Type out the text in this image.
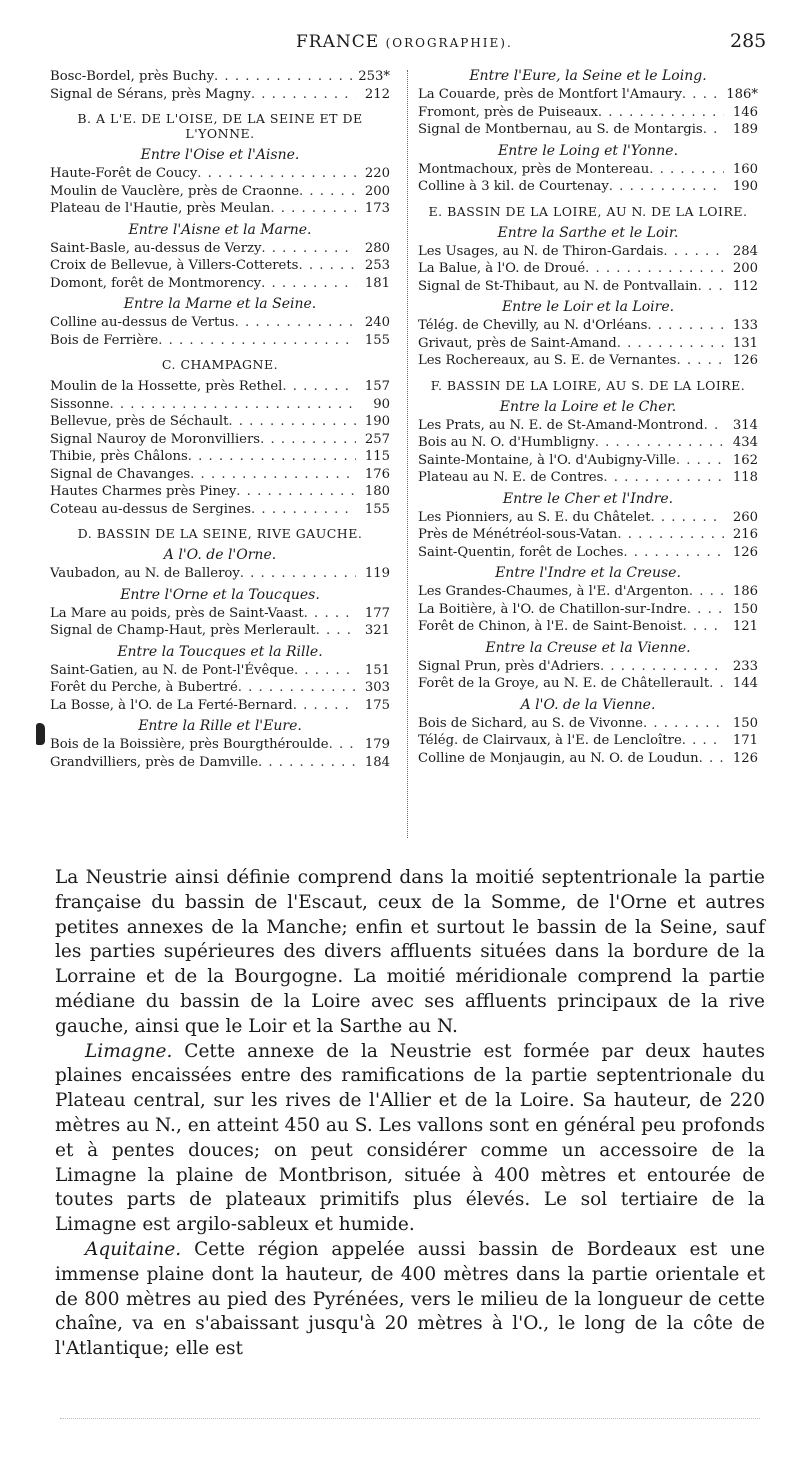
FRANCE (OROGRAPHIE).	285
Bosc-Bordel, près Buchy . . .	253*
Signal de Sérans, près Magny . . .	212
B. A L'E. DE L'OISE, DE LA SEINE ET DE L'YONNE.
Entre l'Oise et l'Aisne.
Haute-Forêt de Coucy . . .	220
Moulin de Vauclère, près de Craonne . . .	200
Plateau de l'Hautie, près Meulan . . .	173
Entre l'Aisne et la Marne.
Saint-Basle, au-dessus de Verzy . . .	280
Croix de Bellevue, à Villers-Cotterets . . .	253
Domont, forêt de Montmorency . . .	181
Entre la Marne et la Seine.
Colline au-dessus de Vertus . . .	240
Bois de Ferrière . . .	155
C. CHAMPAGNE.
Moulin de la Hossette, près Rethel . . .	157
Sissonne . . .	90
Bellevue, près de Séchault . . .	190
Signal Nauroy de Moronvilliers . . .	257
Thibie, près Châlons . . .	115
Signal de Chavanges . . .	176
Hautes Charmes près Piney . . .	180
Coteau au-dessus de Sergines . . .	155
D. BASSIN DE LA SEINE, RIVE GAUCHE.
A l'O. de l'Orne.
Vaubadon, au N. de Balleroy . . .	119
Entre l'Orne et la Toucques.
La Mare au poids, près de Saint-Vaast . . .	177
Signal de Champ-Haut, près Merlerault . . .	321
Entre la Toucques et la Rille.
Saint-Gatien, au N. de Pont-l'Évêque . . .	151
Forêt du Perche, à Bubertré . . .	303
La Bosse, à l'O. de La Ferté-Bernard . . .	175
Entre la Rille et l'Eure.
Bois de la Boissière, près Bourgthéroulde . . .	179
Grandvilliers, près de Damville . . .	184
Entre l'Eure, la Seine et le Loing.
La Couarde, près de Montfort l'Amaury . . .	186*
Fromont, près de Puiseaux . . .	146
Signal de Montbernau, au S. de Montargis . . .	189
Entre le Loing et l'Yonne.
Montmachoux, près de Montereau . . .	160
Colline à 3 kil. de Courtenay . . .	190
E. BASSIN DE LA LOIRE, AU N. DE LA LOIRE.
Entre la Sarthe et le Loir.
Les Usages, au N. de Thiron-Gardais . . .	284
La Balue, à l'O. de Droué . . .	200
Signal de St-Thibaut, au N. de Pontvallain . . .	112
Entre le Loir et la Loire.
Télég. de Chevilly, au N. d'Orléans . . .	133
Grivaut, près de Saint-Amand . . .	131
Les Rochereaux, au S. E. de Vernantes . . .	126
F. BASSIN DE LA LOIRE, AU S. DE LA LOIRE.
Entre la Loire et le Cher.
Les Prats, au N. E. de St-Amand-Montrond . . .	314
Bois au N. O. d'Humbligny . . .	434
Sainte-Montaine, à l'O. d'Aubigny-Ville . . .	162
Plateau au N. E. de Contres . . .	118
Entre le Cher et l'Indre.
Les Pionniers, au S. E. du Châtelet . . .	260
Près de Ménétréol-sous-Vatan . . .	216
Saint-Quentin, forêt de Loches . . .	126
Entre l'Indre et la Creuse.
Les Grandes-Chaumes, à l'E. d'Argenton . . .	186
La Boitière, à l'O. de Chatillon-sur-Indre . . .	150
Forêt de Chinon, à l'E. de Saint-Benoist . . .	121
Entre la Creuse et la Vienne.
Signal Prun, près d'Adriers . . .	233
Forêt de la Groye, au N. E. de Châtellerault . . .	144
A l'O. de la Vienne.
Bois de Sichard, au S. de Vivonne . . .	150
Télég. de Clairvaux, à l'E. de Lencloître . . .	171
Colline de Monjaugin, au N. O. de Loudun . . .	126

La Neustrie ainsi définie comprend dans la moitié septentrionale la partie française du bassin de l'Escaut, ceux de la Somme, de l'Orne et autres petites annexes de la Manche; enfin et surtout le bassin de la Seine, sauf les parties supérieures des divers affluents situées dans la bordure de la Lorraine et de la Bourgogne. La moitié méridionale comprend la partie médiane du bassin de la Loire avec ses affluents principaux de la rive gauche, ainsi que le Loir et la Sarthe au N.

Limagne. Cette annexe de la Neustrie est formée par deux hautes plaines encaissées entre des ramifications de la partie septentrionale du Plateau central, sur les rives de l'Allier et de la Loire. Sa hauteur, de 220 mètres au N., en atteint 450 au S. Les vallons sont en général peu profonds et à pentes douces; on peut considérer comme un accessoire de la Limagne la plaine de Montbrison, située à 400 mètres et entourée de toutes parts de plateaux primitifs plus élevés. Le sol tertiaire de la Limagne est argilo-sableux et humide.

Aquitaine. Cette région appelée aussi bassin de Bordeaux est une immense plaine dont la hauteur, de 400 mètres dans la partie orientale et de 800 mètres au pied des Pyrénées, vers le milieu de la longueur de cette chaîne, va en s'abaissant jusqu'à 20 mètres à l'O., le long de la côte de l'Atlantique; elle est
